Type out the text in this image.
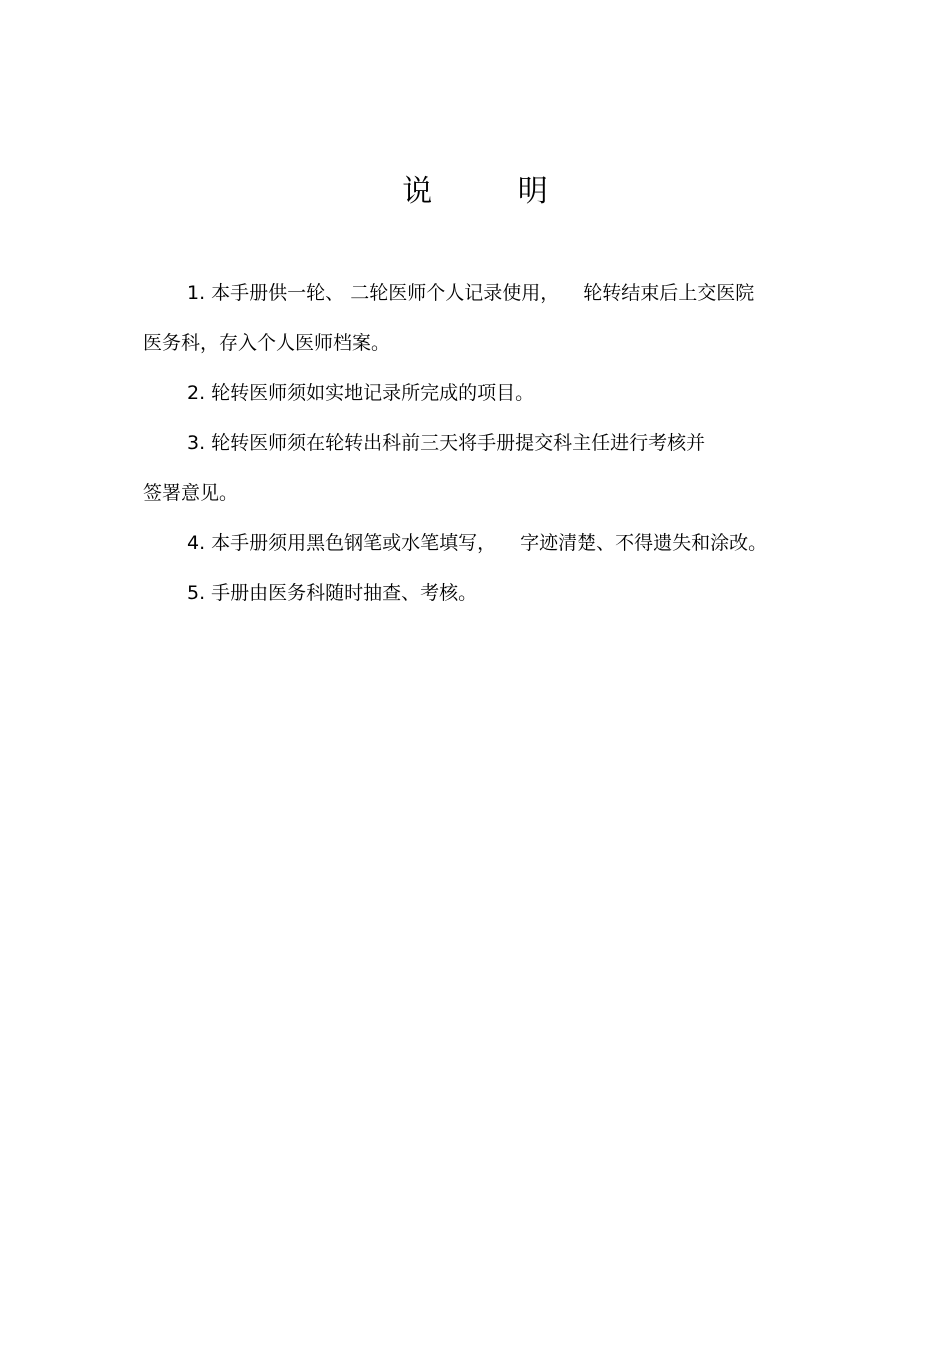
说 明
1. 本手册供一轮、 二轮医师个人记录使用， 轮转结束后上交医院
医务科，存入个人医师档案。
2. 轮转医师须如实地记录所完成的项目。
3. 轮转医师须在轮转出科前三天将手册提交科主任进行考核并
签署意见。
4. 本手册须用黑色钢笔或水笔填写， 字迹清楚、不得遗失和涂改。
5. 手册由医务科随时抽查、考核。
